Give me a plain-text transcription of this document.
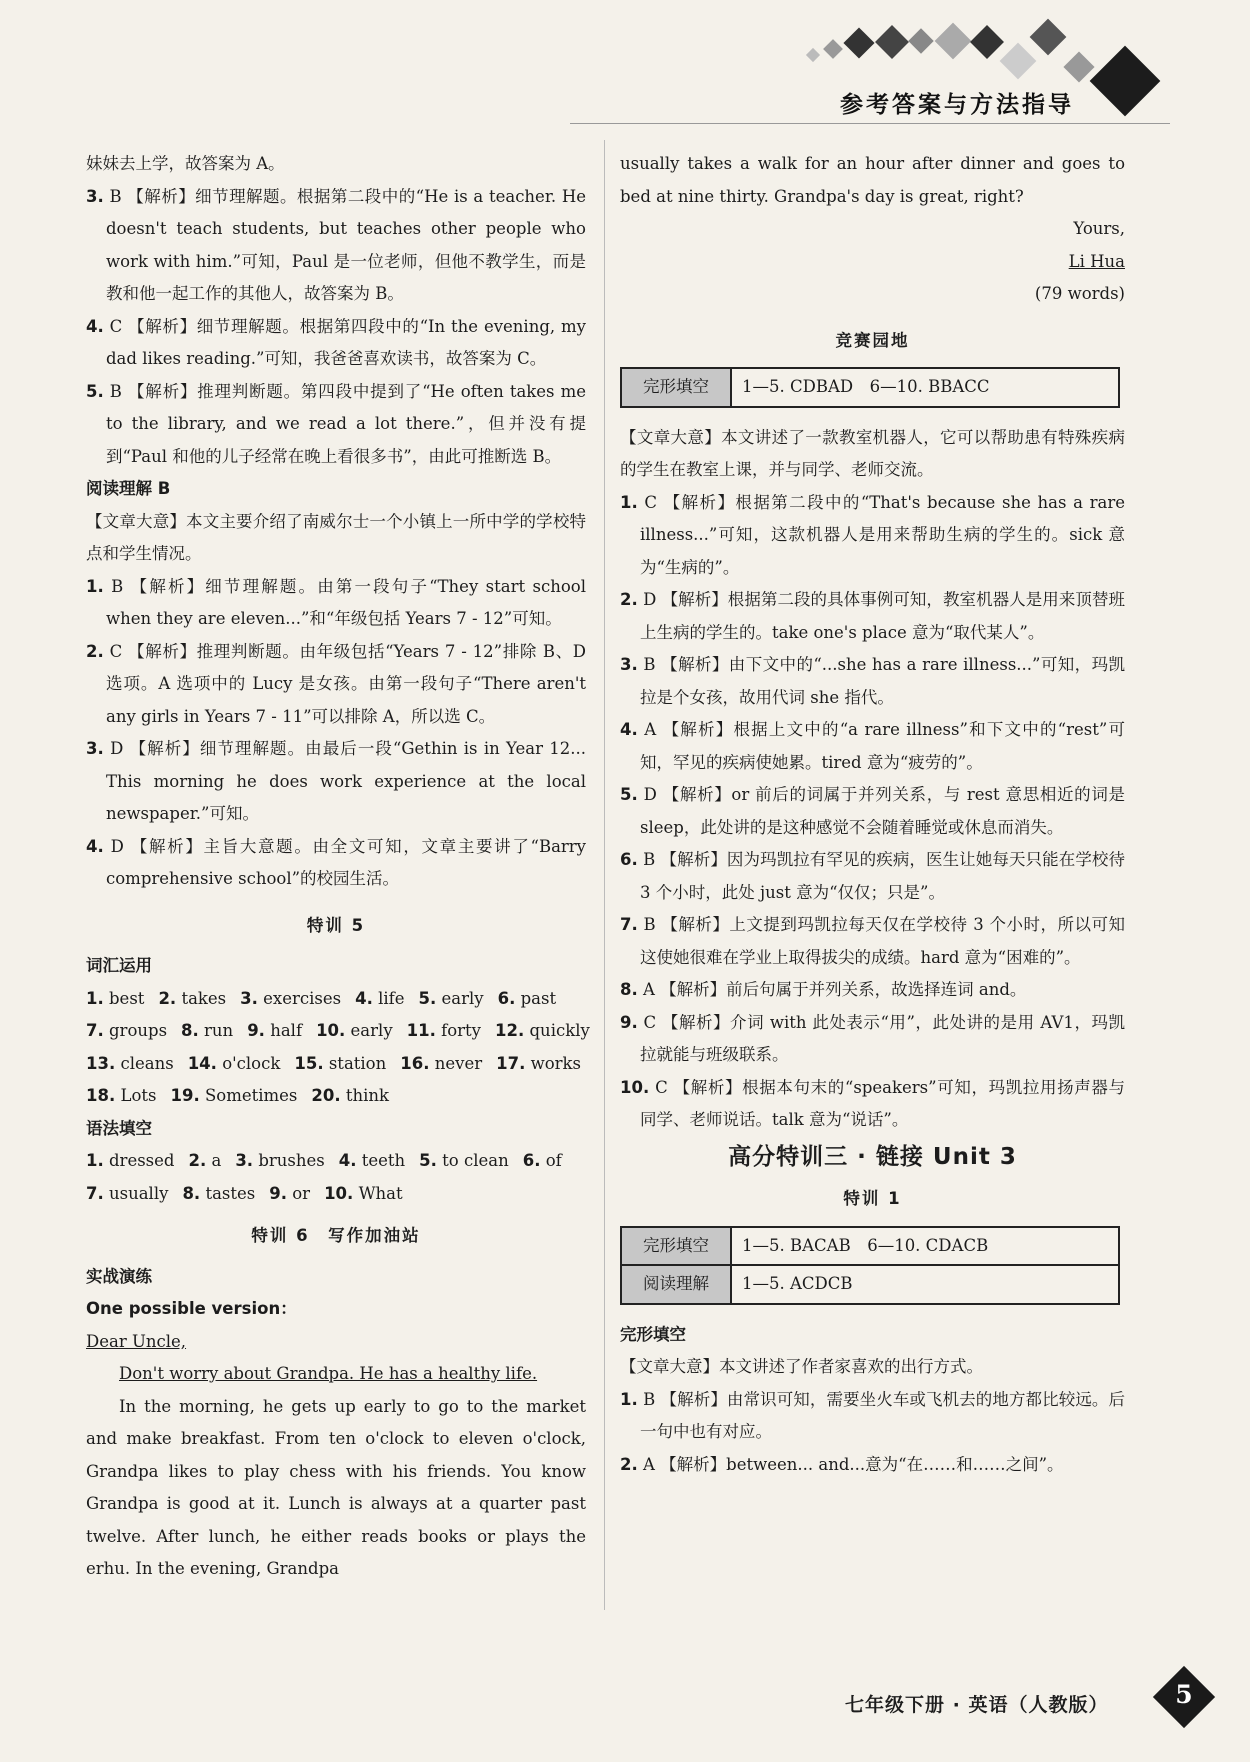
参考答案与方法指导

妹妹去上学，故答案为 A。

3. B 【解析】细节理解题。根据第二段中的“He is a teacher. He doesn't teach students, but teaches other people who work with him.”可知，Paul 是一位老师，但他不教学生，而是教和他一起工作的其他人，故答案为 B。

4. C 【解析】细节理解题。根据第四段中的“In the evening, my dad likes reading.”可知，我爸爸喜欢读书，故答案为 C。

5. B 【解析】推理判断题。第四段中提到了“He often takes me to the library, and we read a lot there.”，但并没有提到“Paul 和他的儿子经常在晚上看很多书”，由此可推断选 B。

阅读理解 B

【文章大意】本文主要介绍了南威尔士一个小镇上一所中学的学校特点和学生情况。

1. B 【解析】细节理解题。由第一段句子“They start school when they are eleven...”和“年级包括 Years 7 - 12”可知。

2. C 【解析】推理判断题。由年级包括“Years 7 - 12”排除 B、D 选项。A 选项中的 Lucy 是女孩。由第一段句子“There aren't any girls in Years 7 - 11”可以排除 A，所以选 C。

3. D 【解析】细节理解题。由最后一段“Gethin is in Year 12... This morning he does work experience at the local newspaper.”可知。

4. D 【解析】主旨大意题。由全文可知，文章主要讲了“Barry comprehensive school”的校园生活。

特训 5

词汇运用

1. best 2. takes 3. exercises 4. life 5. early 6. past
7. groups 8. run 9. half 10. early 11. forty 12. quickly
13. cleans 14. o'clock 15. station 16. never 17. works
18. Lots 19. Sometimes 20. think

语法填空

1. dressed 2. a 3. brushes 4. teeth 5. to clean 6. of
7. usually 8. tastes 9. or 10. What

特训 6　写作加油站

实战演练

One possible version：

Dear Uncle,

Don't worry about Grandpa. He has a healthy life.

In the morning, he gets up early to go to the market and make breakfast. From ten o'clock to eleven o'clock, Grandpa likes to play chess with his friends. You know Grandpa is good at it. Lunch is always at a quarter past twelve. After lunch, he either reads books or plays the erhu. In the evening, Grandpa

usually takes a walk for an hour after dinner and goes to bed at nine thirty. Grandpa's day is great, right?

Yours,

Li Hua

(79 words)

竞赛园地

完形填空	1—5. CDBAD　6—10. BBACC

【文章大意】本文讲述了一款教室机器人，它可以帮助患有特殊疾病的学生在教室上课，并与同学、老师交流。

1. C 【解析】根据第二段中的“That's because she has a rare illness...”可知，这款机器人是用来帮助生病的学生的。sick 意为“生病的”。

2. D 【解析】根据第二段的具体事例可知，教室机器人是用来顶替班上生病的学生的。take one's place 意为“取代某人”。

3. B 【解析】由下文中的“...she has a rare illness...”可知，玛凯拉是个女孩，故用代词 she 指代。

4. A 【解析】根据上文中的“a rare illness”和下文中的“rest”可知，罕见的疾病使她累。tired 意为“疲劳的”。

5. D 【解析】or 前后的词属于并列关系，与 rest 意思相近的词是 sleep，此处讲的是这种感觉不会随着睡觉或休息而消失。

6. B 【解析】因为玛凯拉有罕见的疾病，医生让她每天只能在学校待 3 个小时，此处 just 意为“仅仅；只是”。

7. B 【解析】上文提到玛凯拉每天仅在学校待 3 个小时，所以可知这使她很难在学业上取得拔尖的成绩。hard 意为“困难的”。

8. A 【解析】前后句属于并列关系，故选择连词 and。

9. C 【解析】介词 with 此处表示“用”，此处讲的是用 AV1，玛凯拉就能与班级联系。

10. C 【解析】根据本句末的“speakers”可知，玛凯拉用扬声器与同学、老师说话。talk 意为“说话”。

高分特训三 · 链接 Unit 3

特训 1

完形填空	1—5. BACAB　6—10. CDACB
阅读理解	1—5. ACDCB

完形填空

【文章大意】本文讲述了作者家喜欢的出行方式。

1. B 【解析】由常识可知，需要坐火车或飞机去的地方都比较远。后一句中也有对应。

2. A 【解析】between... and...意为“在……和……之间”。

七年级下册 · 英语（人教版）	5
